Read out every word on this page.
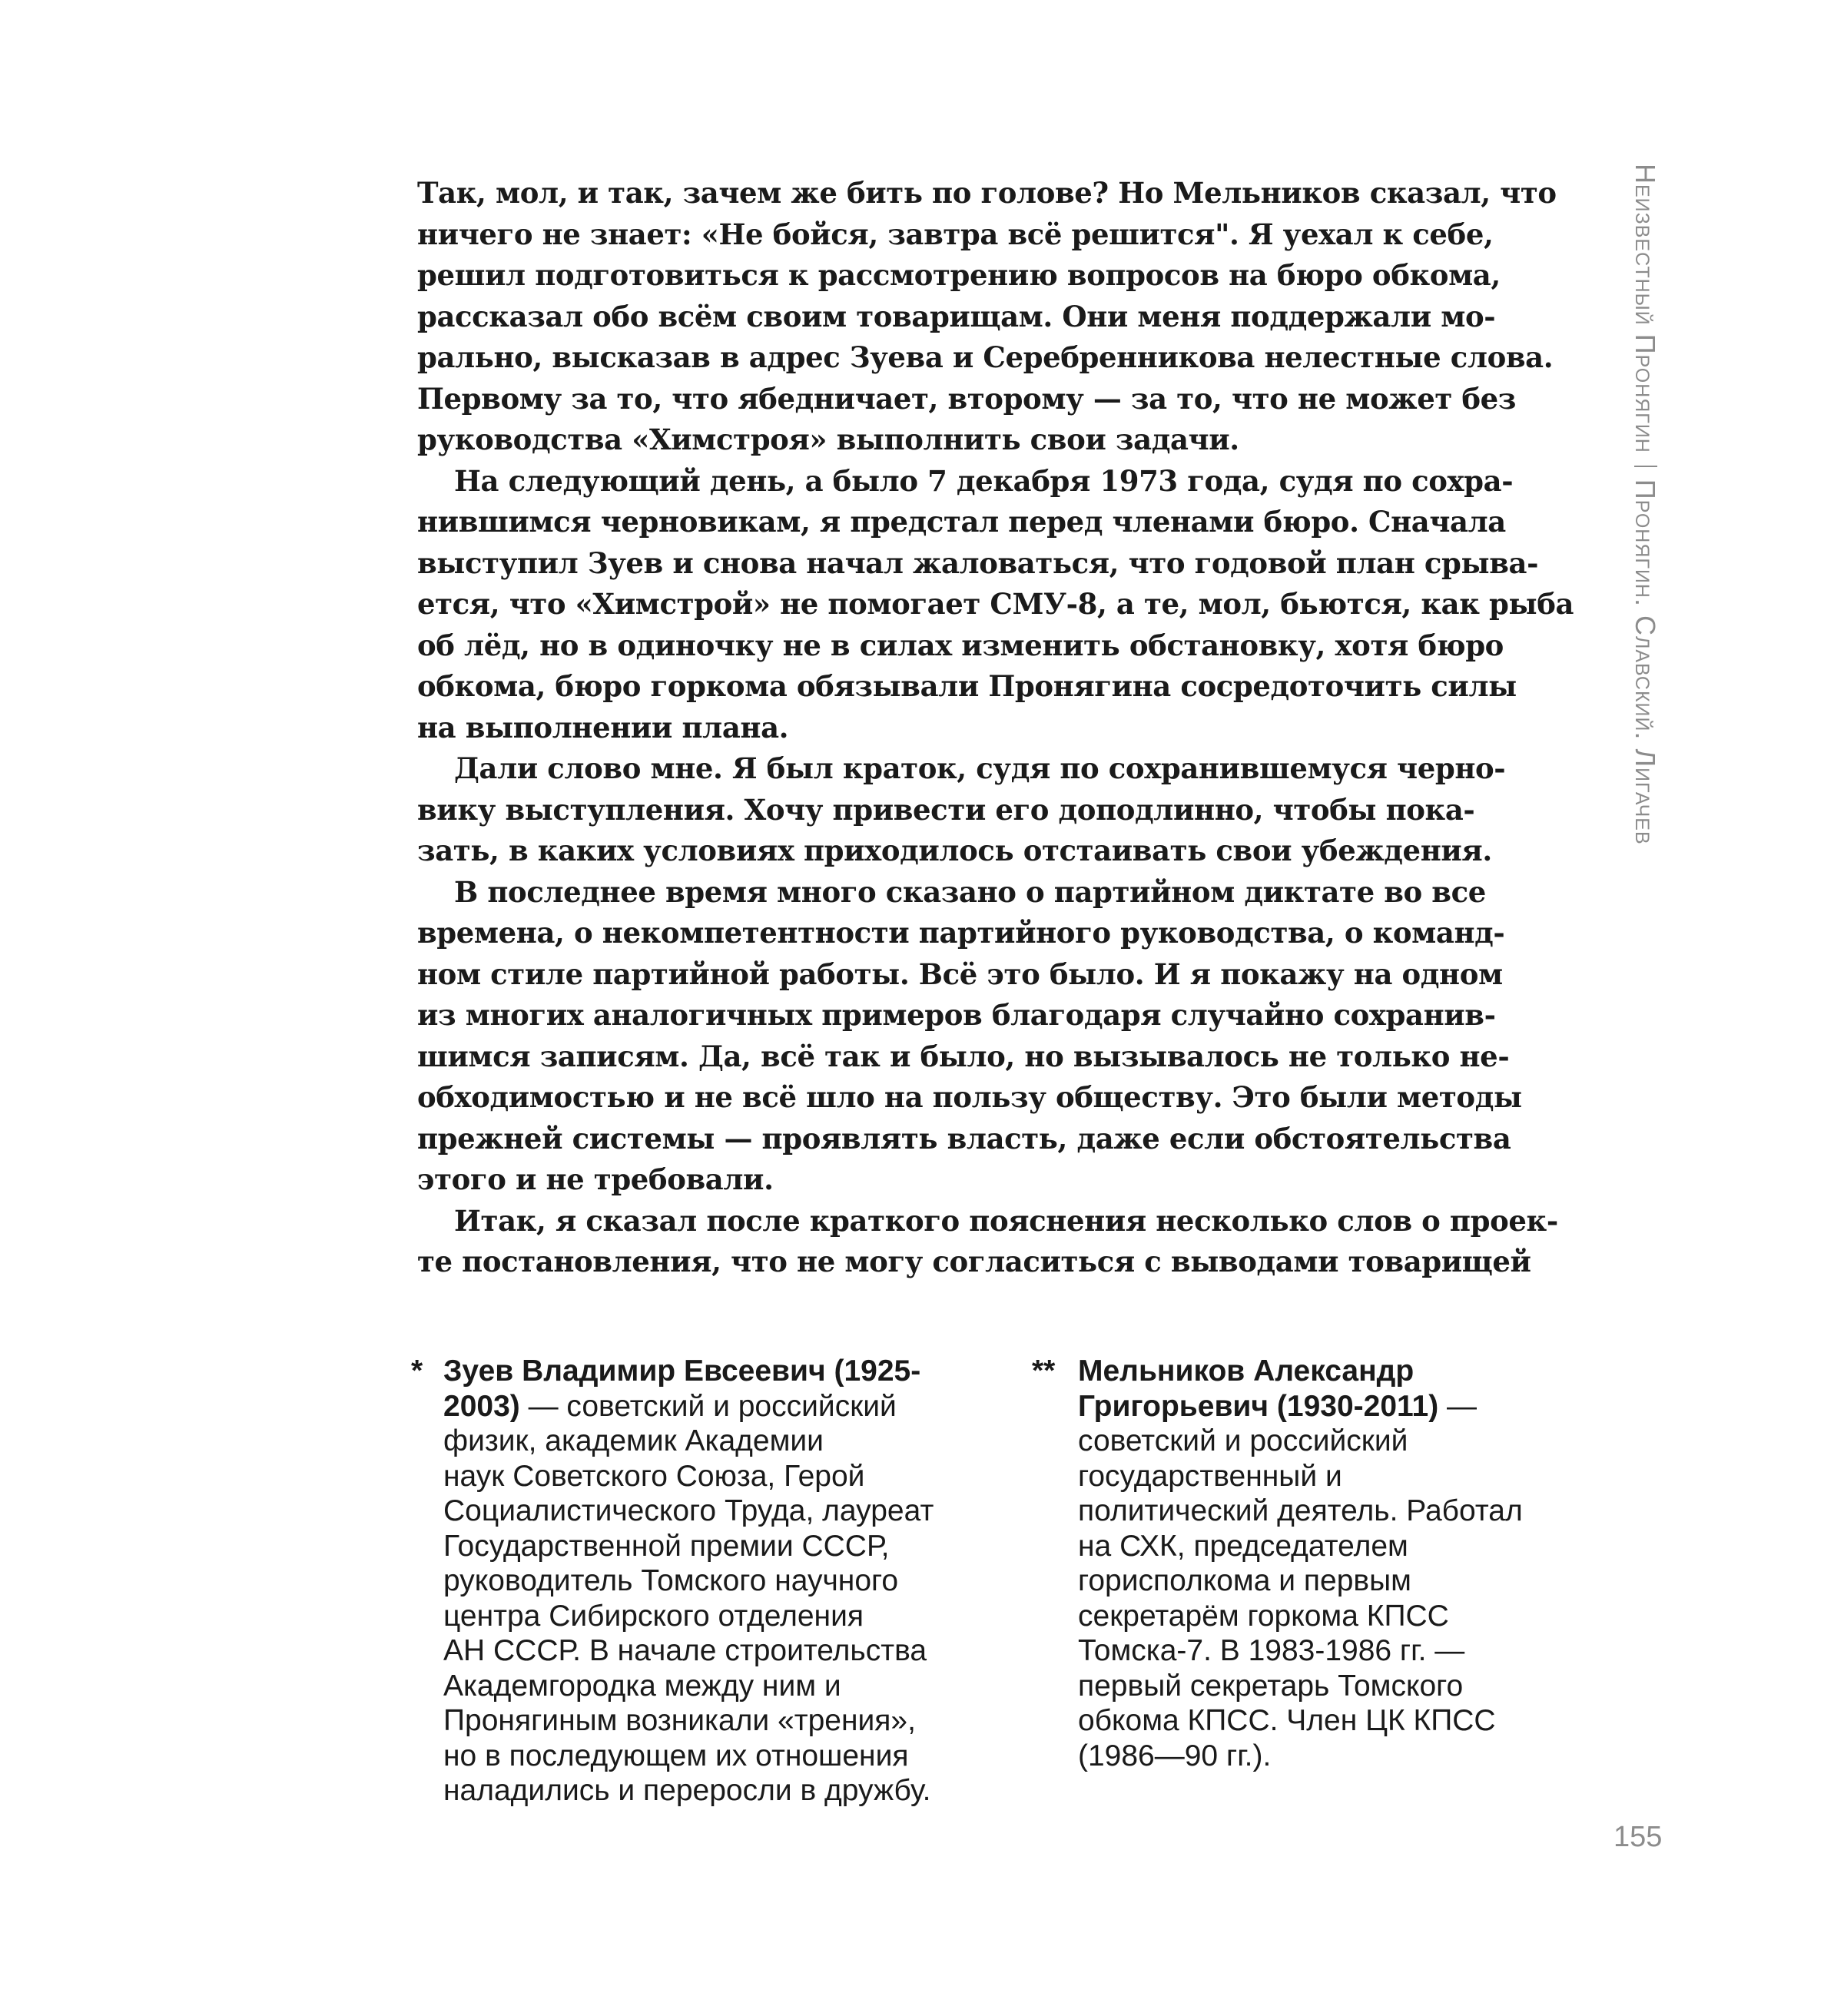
Неизвестный ПронягинПронягин. Славский. Лигачев
Так, мол, и так, зачем же бить по голове? Но Мельников сказал, что
ничего не знает: «Не бойся, завтра всё решится". Я уехал к себе,
решил подготовиться к рассмотрению вопросов на бюро обкома,
рассказал обо всём своим товарищам. Они меня поддержали мо-
рально, высказав в адрес Зуева и Серебренникова нелестные слова.
Первому за то, что ябедничает, второму — за то, что не может без
руководства «Химстроя» выполнить свои задачи.
На следующий день, а было 7 декабря 1973 года, судя по сохра-
нившимся черновикам, я предстал перед членами бюро. Сначала
выступил Зуев и снова начал жаловаться, что годовой план срыва-
ется, что «Химстрой» не помогает СМУ-8, а те, мол, бьются, как рыба
об лёд, но в одиночку не в силах изменить обстановку, хотя бюро
обкома, бюро горкома обязывали Пронягина сосредоточить силы
на выполнении плана.
Дали слово мне. Я был краток, судя по сохранившемуся черно-
вику выступления. Хочу привести его доподлинно, чтобы пока-
зать, в каких условиях приходилось отстаивать свои убеждения.
В последнее время много сказано о партийном диктате во все
времена, о некомпетентности партийного руководства, о команд-
ном стиле партийной работы. Всё это было. И я покажу на одном
из многих аналогичных примеров благодаря случайно сохранив-
шимся записям. Да, всё так и было, но вызывалось не только не-
обходимостью и не всё шло на пользу обществу. Это были методы
прежней системы — проявлять власть, даже если обстоятельства
этого и не требовали.
Итак, я сказал после краткого пояснения несколько слов о проек-
те постановления, что не могу согласиться с выводами товарищей
* Зуев Владимир Евсеевич (1925-
2003) — советский и российский
физик, академик Академии
наук Советского Союза, Герой
Социалистического Труда, лауреат
Государственной премии СССР,
руководитель Томского научного
центра Сибирского отделения
АН СССР. В начале строительства
Академгородка между ним и
Пронягиным возникали «трения»,
но в последующем их отношения
наладились и переросли в дружбу.
** Мельников Александр
Григорьевич (1930-2011) —
советский и российский
государственный и
политический деятель. Работал
на СХК, председателем
горисполкома и первым
секретарём горкома КПСС
Томска-7. В 1983-1986 гг. —
первый секретарь Томского
обкома КПСС. Член ЦК КПСС
(1986—90 гг.).
155
